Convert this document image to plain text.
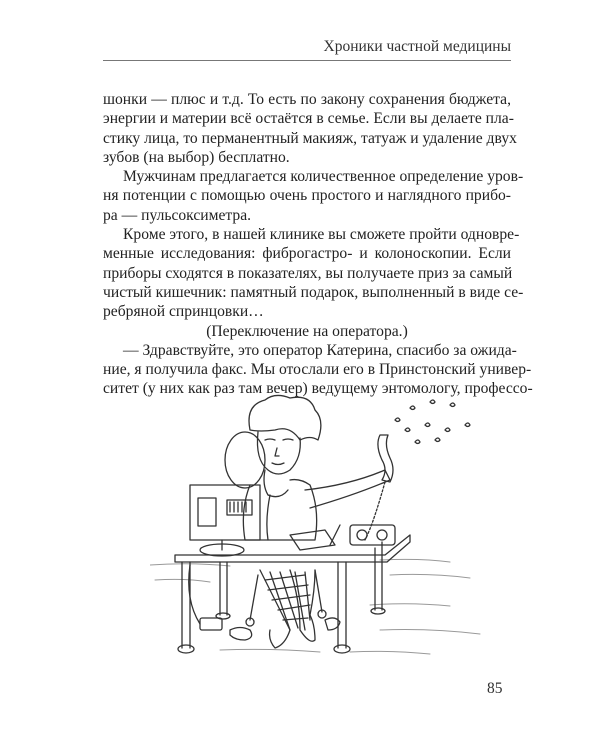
Хроники частной медицины
шонки — плюс и т.д. То есть по закону сохранения бюджета,
энергии и материи всё остаётся в семье. Если вы делаете пла-
стику лица, то перманентный макияж, татуаж и удаление двух
зубов (на выбор) бесплатно.
Мужчинам предлагается количественное определение уров-
ня потенции с помощью очень простого и наглядного прибо-
ра — пульсоксиметра.
Кроме этого, в нашей клинике вы сможете пройти одновре-
менные исследования: фиброгастро- и колоноскопии. Если
приборы сходятся в показателях, вы получаете приз за самый
чистый кишечник: памятный подарок, выполненный в виде се-
ребряной спринцовки…
(Переключение на оператора.)
— Здравствуйте, это оператор Катерина, спасибо за ожида-
ние, я получила факс. Мы отослали его в Принстонский универ-
ситет (у них как раз там вечер) ведущему энтомологу, профессо-
85
